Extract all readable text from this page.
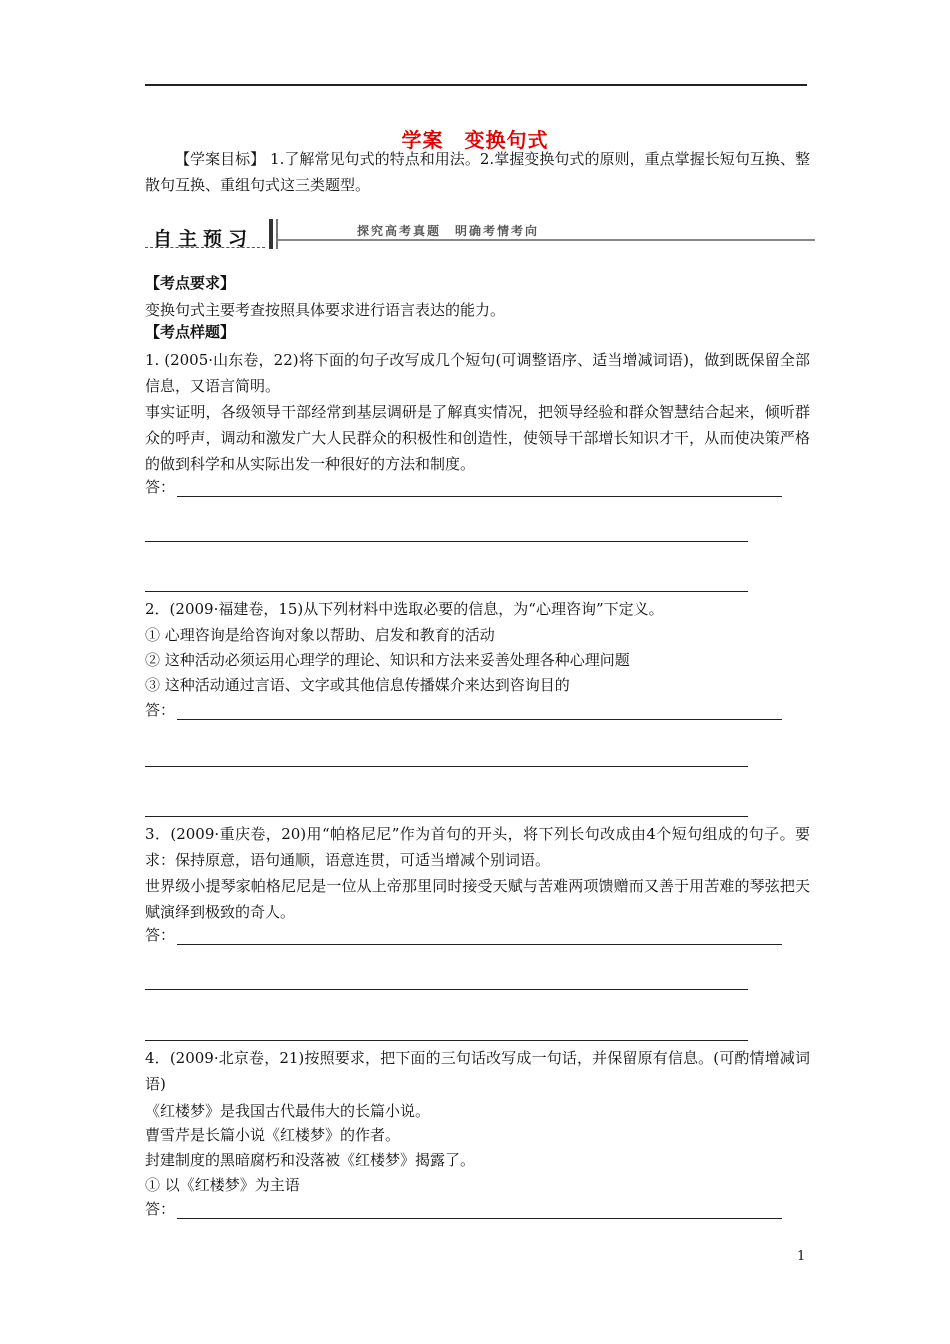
学案　变换句式
【学案目标】 1.了解常见句式的特点和用法。2.掌握变换句式的原则，重点掌握长短句互换、整散句互换、重组句式这三类题型。
自主预习	探究高考真题　明确考情考向
【考点要求】
变换句式主要考查按照具体要求进行语言表达的能力。
【考点样题】
1. (2005·山东卷，22)将下面的句子改写成几个短句(可调整语序、适当增减词语)，做到既保留全部信息，又语言简明。
事实证明，各级领导干部经常到基层调研是了解真实情况，把领导经验和群众智慧结合起来，倾听群众的呼声，调动和激发广大人民群众的积极性和创造性，使领导干部增长知识才干，从而使决策严格的做到科学和从实际出发一种很好的方法和制度。
答：
2．(2009·福建卷，15)从下列材料中选取必要的信息，为“心理咨询”下定义。
① 心理咨询是给咨询对象以帮助、启发和教育的活动
② 这种活动必须运用心理学的理论、知识和方法来妥善处理各种心理问题
③ 这种活动通过言语、文字或其他信息传播媒介来达到咨询目的
答：
3．(2009·重庆卷，20)用“帕格尼尼”作为首句的开头，将下列长句改成由4个短句组成的句子。要求：保持原意，语句通顺，语意连贯，可适当增减个别词语。
世界级小提琴家帕格尼尼是一位从上帝那里同时接受天赋与苦难两项馈赠而又善于用苦难的琴弦把天赋演绎到极致的奇人。
答：
4．(2009·北京卷，21)按照要求，把下面的三句话改写成一句话，并保留原有信息。(可酌情增减词语)
《红楼梦》是我国古代最伟大的长篇小说。
曹雪芹是长篇小说《红楼梦》的作者。
封建制度的黑暗腐朽和没落被《红楼梦》揭露了。
① 以《红楼梦》为主语
答：
1
